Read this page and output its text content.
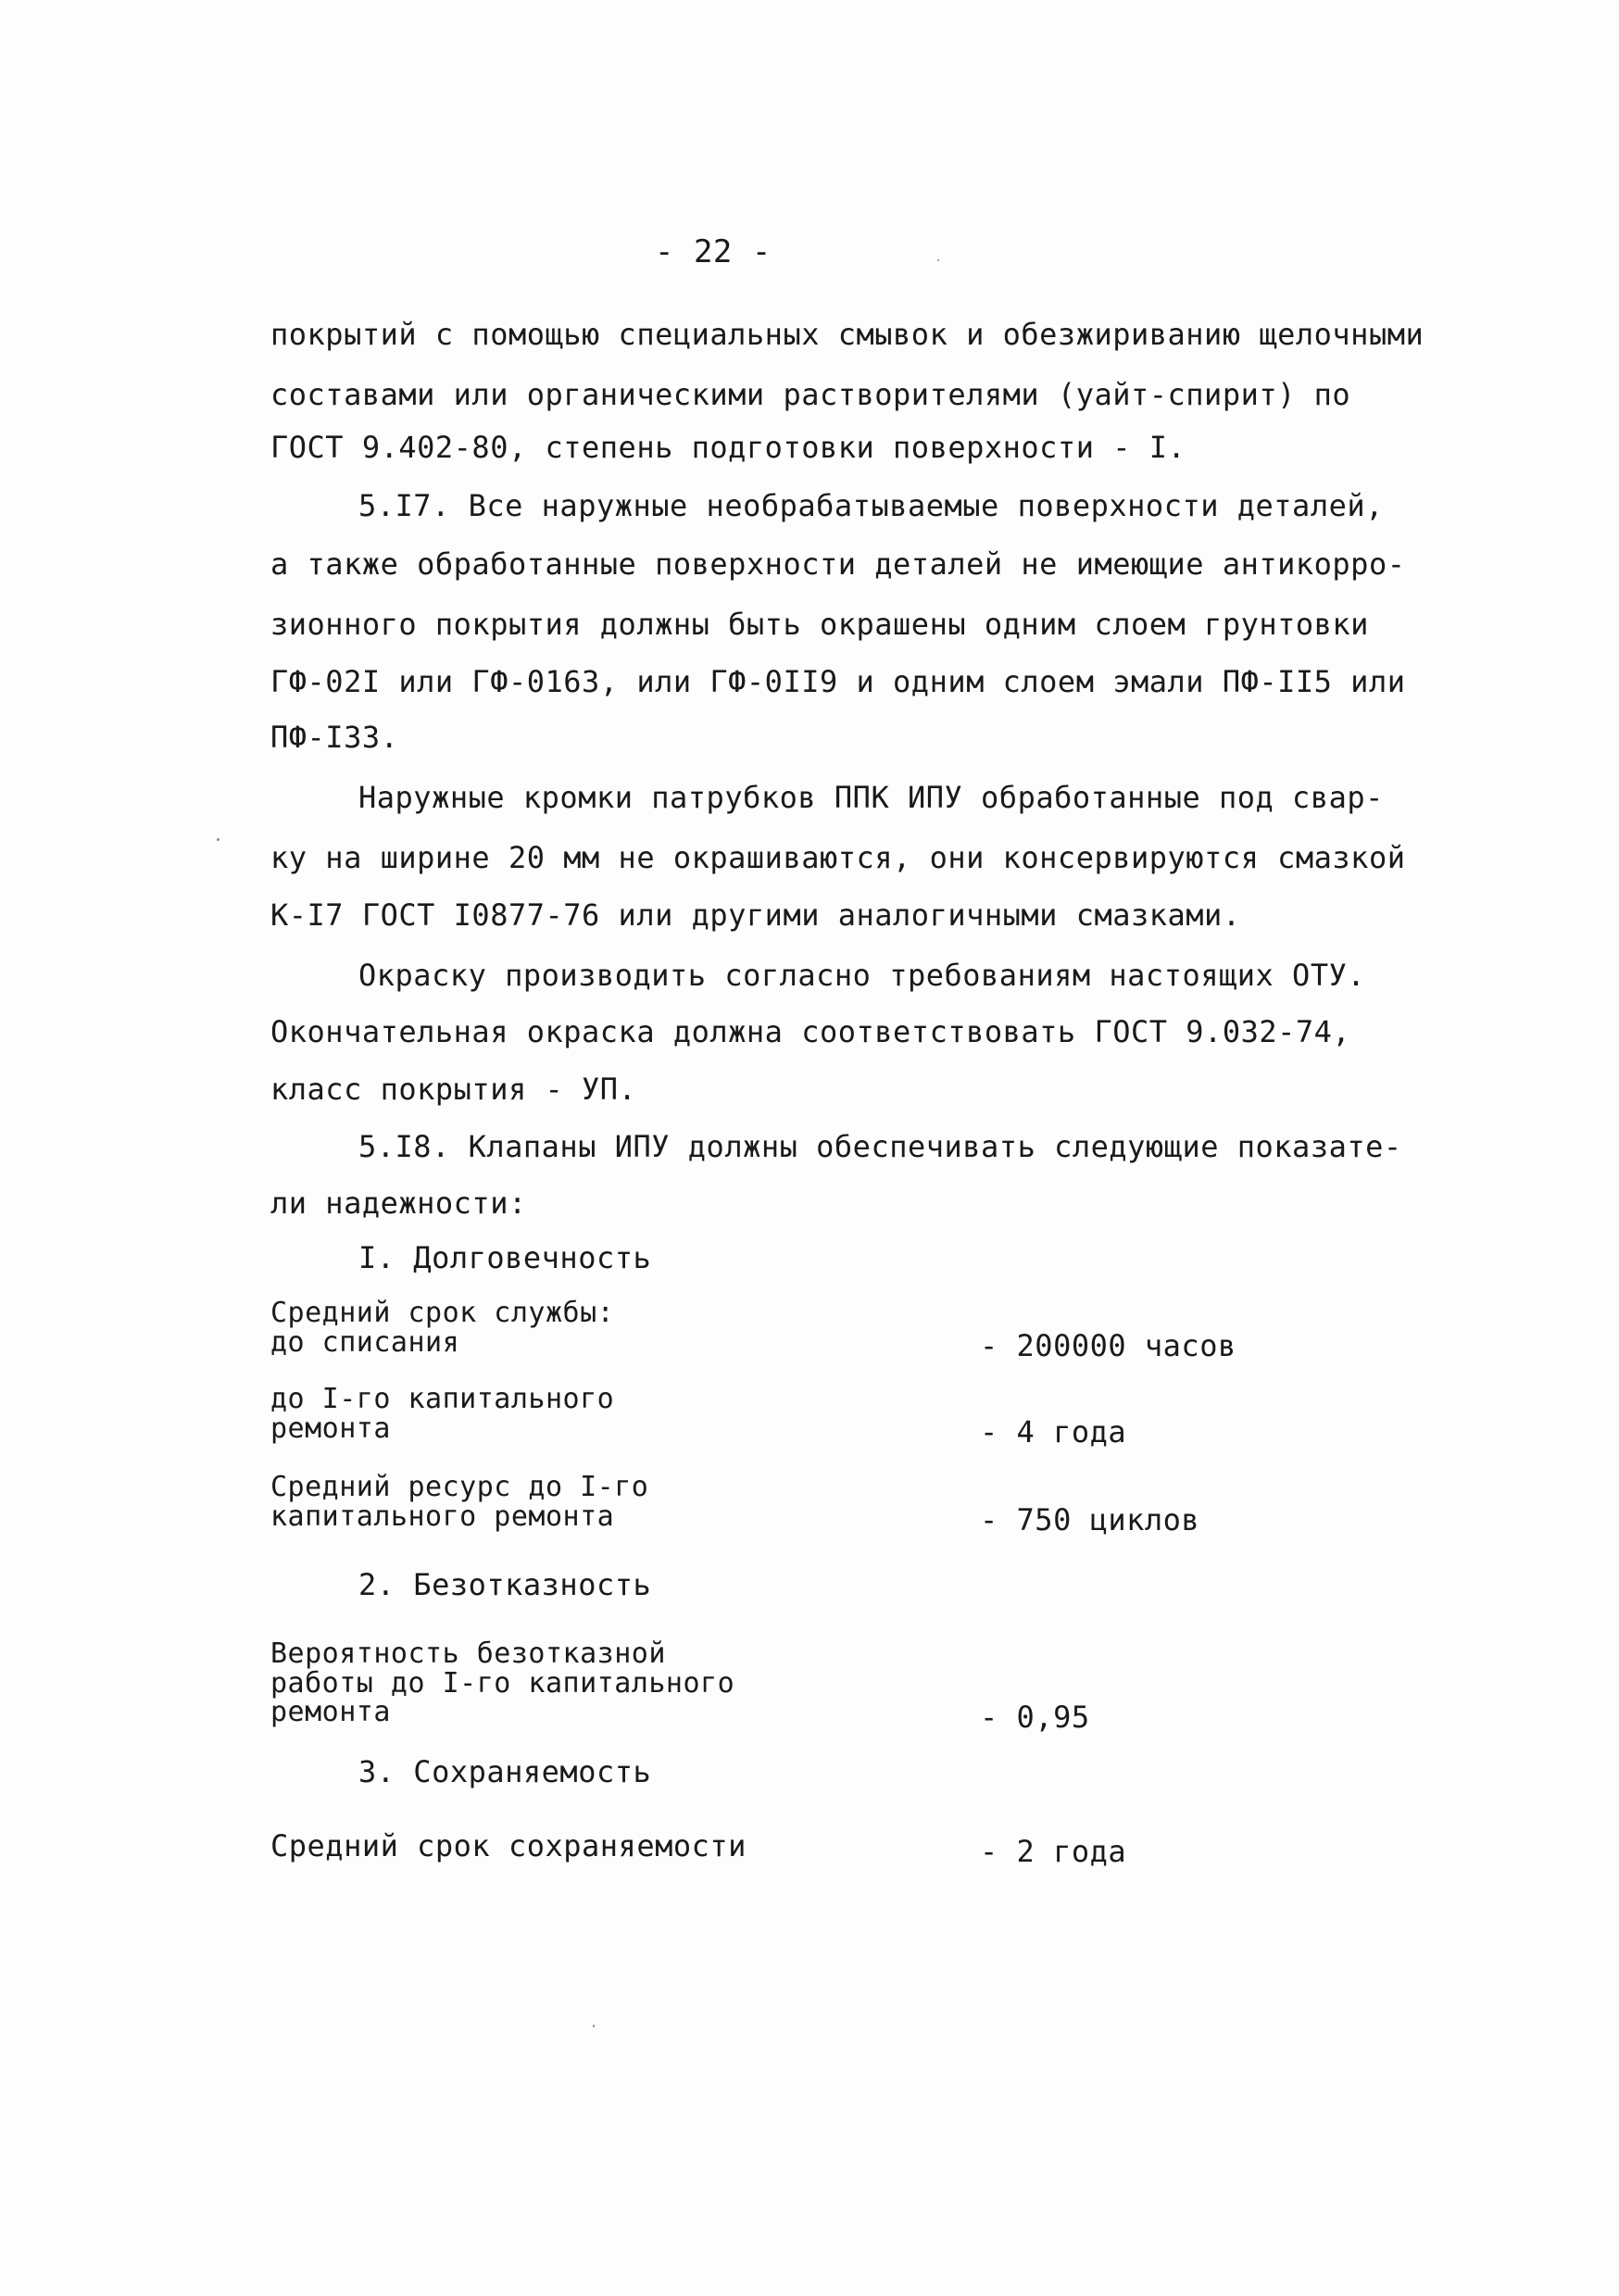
- 22 -
покрытий с помощью специальных смывок и обезжириванию щелочными
составами или органическими растворителями (уайт-спирит) по
ГОСТ 9.402-80, степень подготовки поверхности - I.
5.I7. Все наружные необрабатываемые поверхности деталей,
а также обработанные поверхности деталей не имеющие антикорро-
зионного покрытия должны быть окрашены одним слоем грунтовки
ГФ-02I или ГФ-0163, или ГФ-0II9 и одним слоем эмали ПФ-II5 или
ПФ-I33.
Наружные кромки патрубков ППК ИПУ обработанные под свар-
ку на ширине 20 мм не окрашиваются, они консервируются смазкой
К-I7 ГОСТ I0877-76 или другими аналогичными смазками.
Окраску производить согласно требованиям настоящих ОТУ.
Окончательная окраска должна соответствовать ГОСТ 9.032-74,
класс покрытия - УП.
5.I8. Клапаны ИПУ должны обеспечивать следующие показате-
ли надежности:
I. Долговечность
Средний срок службы:
до списания	- 200000 часов
до I-го капитального
ремонта	- 4 года
Средний ресурс до I-го
капитального ремонта	- 750 циклов
2. Безотказность
Вероятность безотказной
работы до I-го капитального
ремонта	- 0,95
3. Сохраняемость
Средний срок сохраняемости	- 2 года
